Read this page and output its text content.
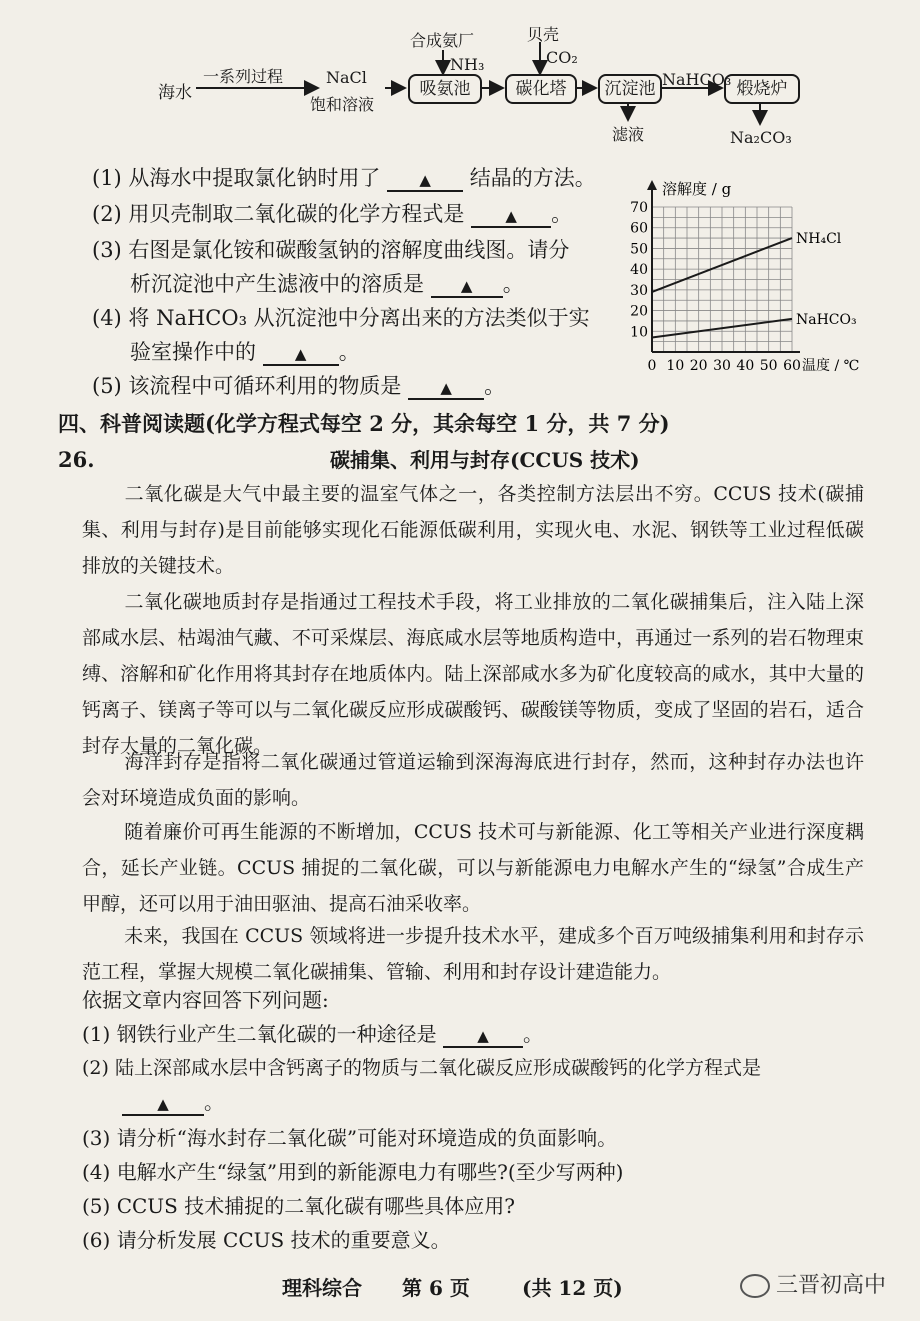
海水
一系列过程	NaCl
饱和溶液
合成氨厂
NH₃
贝壳
CO₂
吸氨池	碳化塔	沉淀池 NaHCO₃ 煅烧炉
滤液	Na₂CO₃
(1) 从海水中提取氯化钠时用了	▲ 结晶的方法。
(2) 用贝壳制取二氧化碳的化学方程式是	▲ 。
(3) 右图是氯化铵和碳酸氢钠的溶解度曲线图。请分
析沉淀池中产生滤液中的溶质是 ▲ 。
(4) 将 NaHCO₃ 从沉淀池中分离出来的方法类似于实
验室操作中的	▲ 。
(5) 该流程中可循环利用的物质是	▲ 。
10
20
30
40
50
60
70
0 10 20 30 40 50 60
溶解度 / g
温度 / ℃
NH₄Cl
NaHCO₃
四、科普阅读题(化学方程式每空 2 分，其余每空 1 分，共 7 分)
26.	碳捕集、利用与封存(CCUS 技术)
二氧化碳是大气中最主要的温室气体之一，各类控制方法层出不穷。CCUS 技术(碳捕集、利用与封存)是目前能够实现化石能源低碳利用，实现火电、水泥、钢铁等工业过程低碳排放的关键技术。
二氧化碳地质封存是指通过工程技术手段，将工业排放的二氧化碳捕集后，注入陆上深部咸水层、枯竭油气藏、不可采煤层、海底咸水层等地质构造中，再通过一系列的岩石物理束缚、溶解和矿化作用将其封存在地质体内。陆上深部咸水多为矿化度较高的咸水，其中大量的钙离子、镁离子等可以与二氧化碳反应形成碳酸钙、碳酸镁等物质，变成了坚固的岩石，适合封存大量的二氧化碳。
海洋封存是指将二氧化碳通过管道运输到深海海底进行封存，然而，这种封存办法也许会对环境造成负面的影响。
随着廉价可再生能源的不断增加，CCUS 技术可与新能源、化工等相关产业进行深度耦合，延长产业链。CCUS 捕捉的二氧化碳，可以与新能源电力电解水产生的“绿氢”合成生产甲醇，还可以用于油田驱油、提高石油采收率。
未来，我国在 CCUS 领域将进一步提升技术水平，建成多个百万吨级捕集利用和封存示范工程，掌握大规模二氧化碳捕集、管输、利用和封存设计建造能力。
依据文章内容回答下列问题:
(1) 钢铁行业产生二氧化碳的一种途径是	▲ 。
(2) 陆上深部咸水层中含钙离子的物质与二氧化碳反应形成碳酸钙的化学方程式是
▲ 。
(3) 请分析“海水封存二氧化碳”可能对环境造成的负面影响。
(4) 电解水产生“绿氢”用到的新能源电力有哪些?(至少写两种)
(5) CCUS 技术捕捉的二氧化碳有哪些具体应用?
(6) 请分析发展 CCUS 技术的重要意义。
理科综合 第 6 页	(共 12 页)	三晋初高中
